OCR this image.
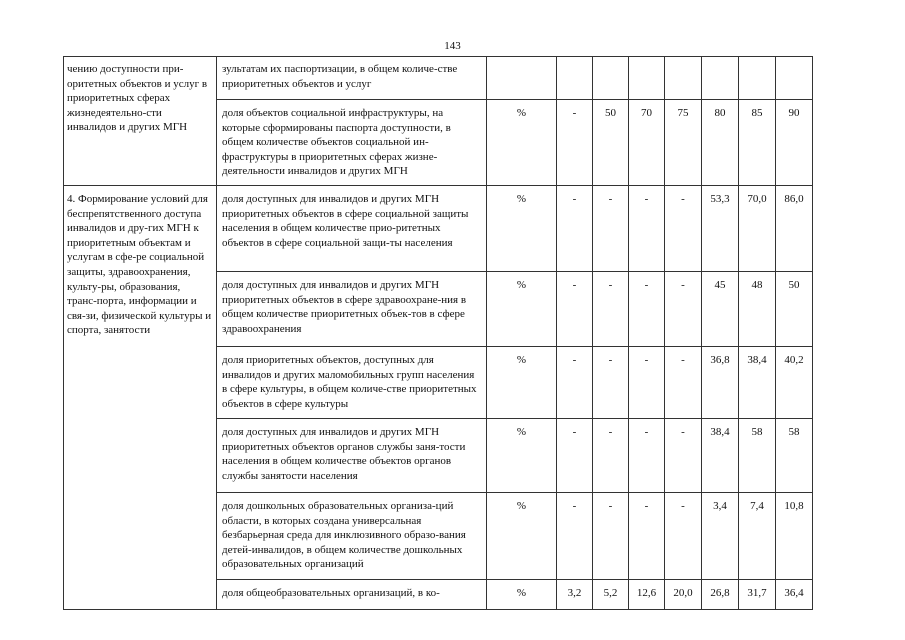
143
чению доступности при-оритетных объектов и услуг в приоритетных сферах жизнедеятельно-сти инвалидов и других МГН	зультатам их паспортизации, в общем количе-стве приоритетных объектов и услуг								
	доля объектов социальной инфраструктуры, на которые сформированы паспорта доступности, в общем количестве объектов социальной ин-фраструктуры в приоритетных сферах жизне-деятельности инвалидов и других МГН	%	-	50	70	75	80	85	90
4. Формирование условий для беспрепятственного доступа инвалидов и дру-гих МГН к приоритетным объектам и услугам в сфе-ре социальной защиты, здравоохранения, культу-ры, образования, транс-порта, информации и свя-зи, физической культуры и спорта, занятости	доля доступных для инвалидов и других МГН приоритетных объектов в сфере социальной защиты населения в общем количестве прио-ритетных объектов в сфере социальной защи-ты населения	%	-	-	-	-	53,3	70,0	86,0
	доля доступных для инвалидов и других МГН приоритетных объектов в сфере здравоохране-ния в общем количестве приоритетных объек-тов в сфере здравоохранения	%	-	-	-	-	45	48	50
	доля приоритетных объектов, доступных для инвалидов и других маломобильных групп населения в сфере культуры, в общем количе-стве приоритетных объектов в сфере культуры	%	-	-	-	-	36,8	38,4	40,2
	доля доступных для инвалидов и других МГН приоритетных объектов органов службы заня-тости населения в общем количестве объектов органов службы занятости населения	%	-	-	-	-	38,4	58	58
	доля дошкольных образовательных организа-ций области, в которых создана универсальная безбарьерная среда для инклюзивного образо-вания детей-инвалидов, в общем количестве дошкольных образовательных организаций	%	-	-	-	-	3,4	7,4	10,8
	доля общеобразовательных организаций, в ко-	%	3,2	5,2	12,6	20,0	26,8	31,7	36,4
